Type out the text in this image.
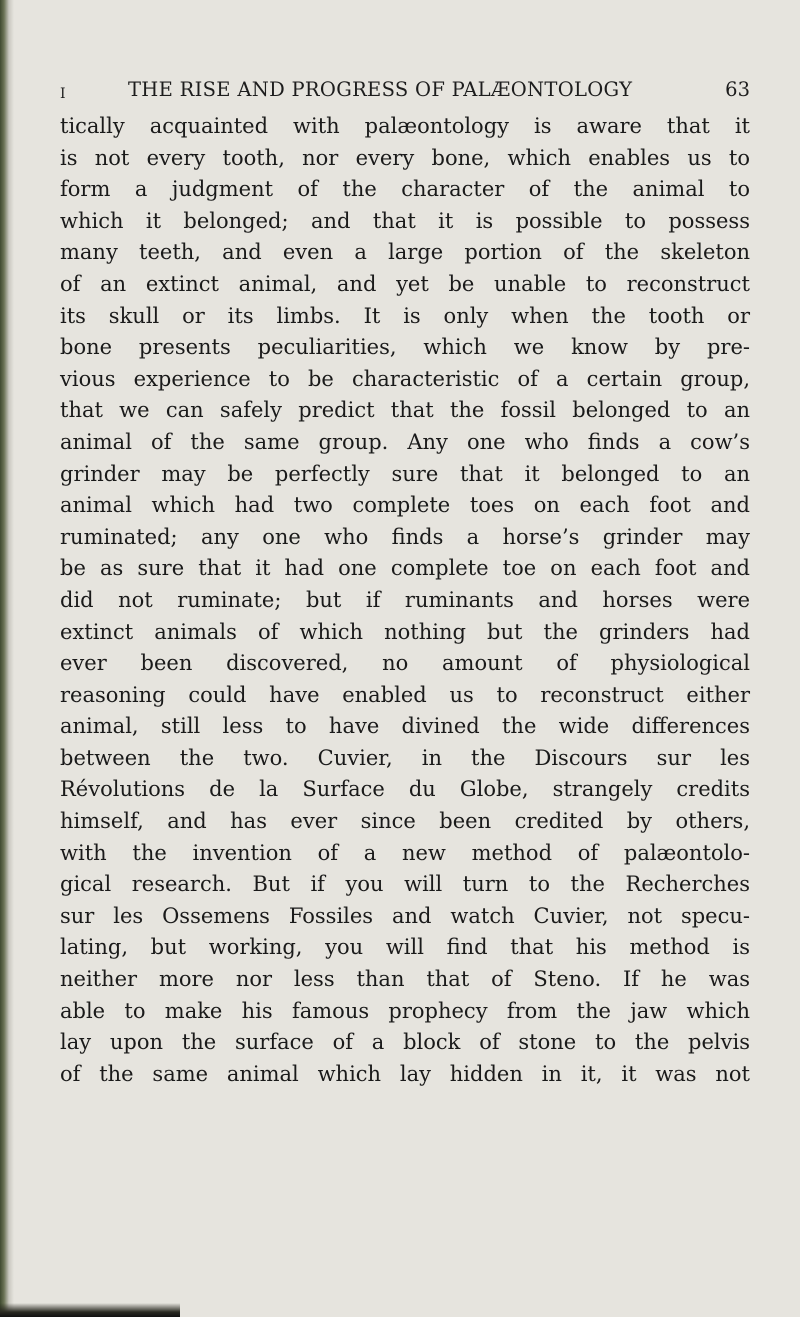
I	THE RISE AND PROGRESS OF PALÆONTOLOGY	63
tically acquainted with palæontology is aware that it
is not every tooth, nor every bone, which enables us to
form a judgment of the character of the animal to
which it belonged; and that it is possible to possess
many teeth, and even a large portion of the skeleton
of an extinct animal, and yet be unable to reconstruct
its skull or its limbs. It is only when the tooth or
bone presents peculiarities, which we know by pre-
vious experience to be characteristic of a certain group,
that we can safely predict that the fossil belonged to an
animal of the same group. Any one who finds a cow’s
grinder may be perfectly sure that it belonged to an
animal which had two complete toes on each foot and
ruminated; any one who finds a horse’s grinder may
be as sure that it had one complete toe on each foot and
did not ruminate; but if ruminants and horses were
extinct animals of which nothing but the grinders had
ever been discovered, no amount of physiological
reasoning could have enabled us to reconstruct either
animal, still less to have divined the wide differences
between the two. Cuvier, in the Discours sur les
Révolutions de la Surface du Globe, strangely credits
himself, and has ever since been credited by others,
with the invention of a new method of palæontolo-
gical research. But if you will turn to the Recherches
sur les Ossemens Fossiles and watch Cuvier, not specu-
lating, but working, you will find that his method is
neither more nor less than that of Steno. If he was
able to make his famous prophecy from the jaw which
lay upon the surface of a block of stone to the pelvis
of the same animal which lay hidden in it, it was not
